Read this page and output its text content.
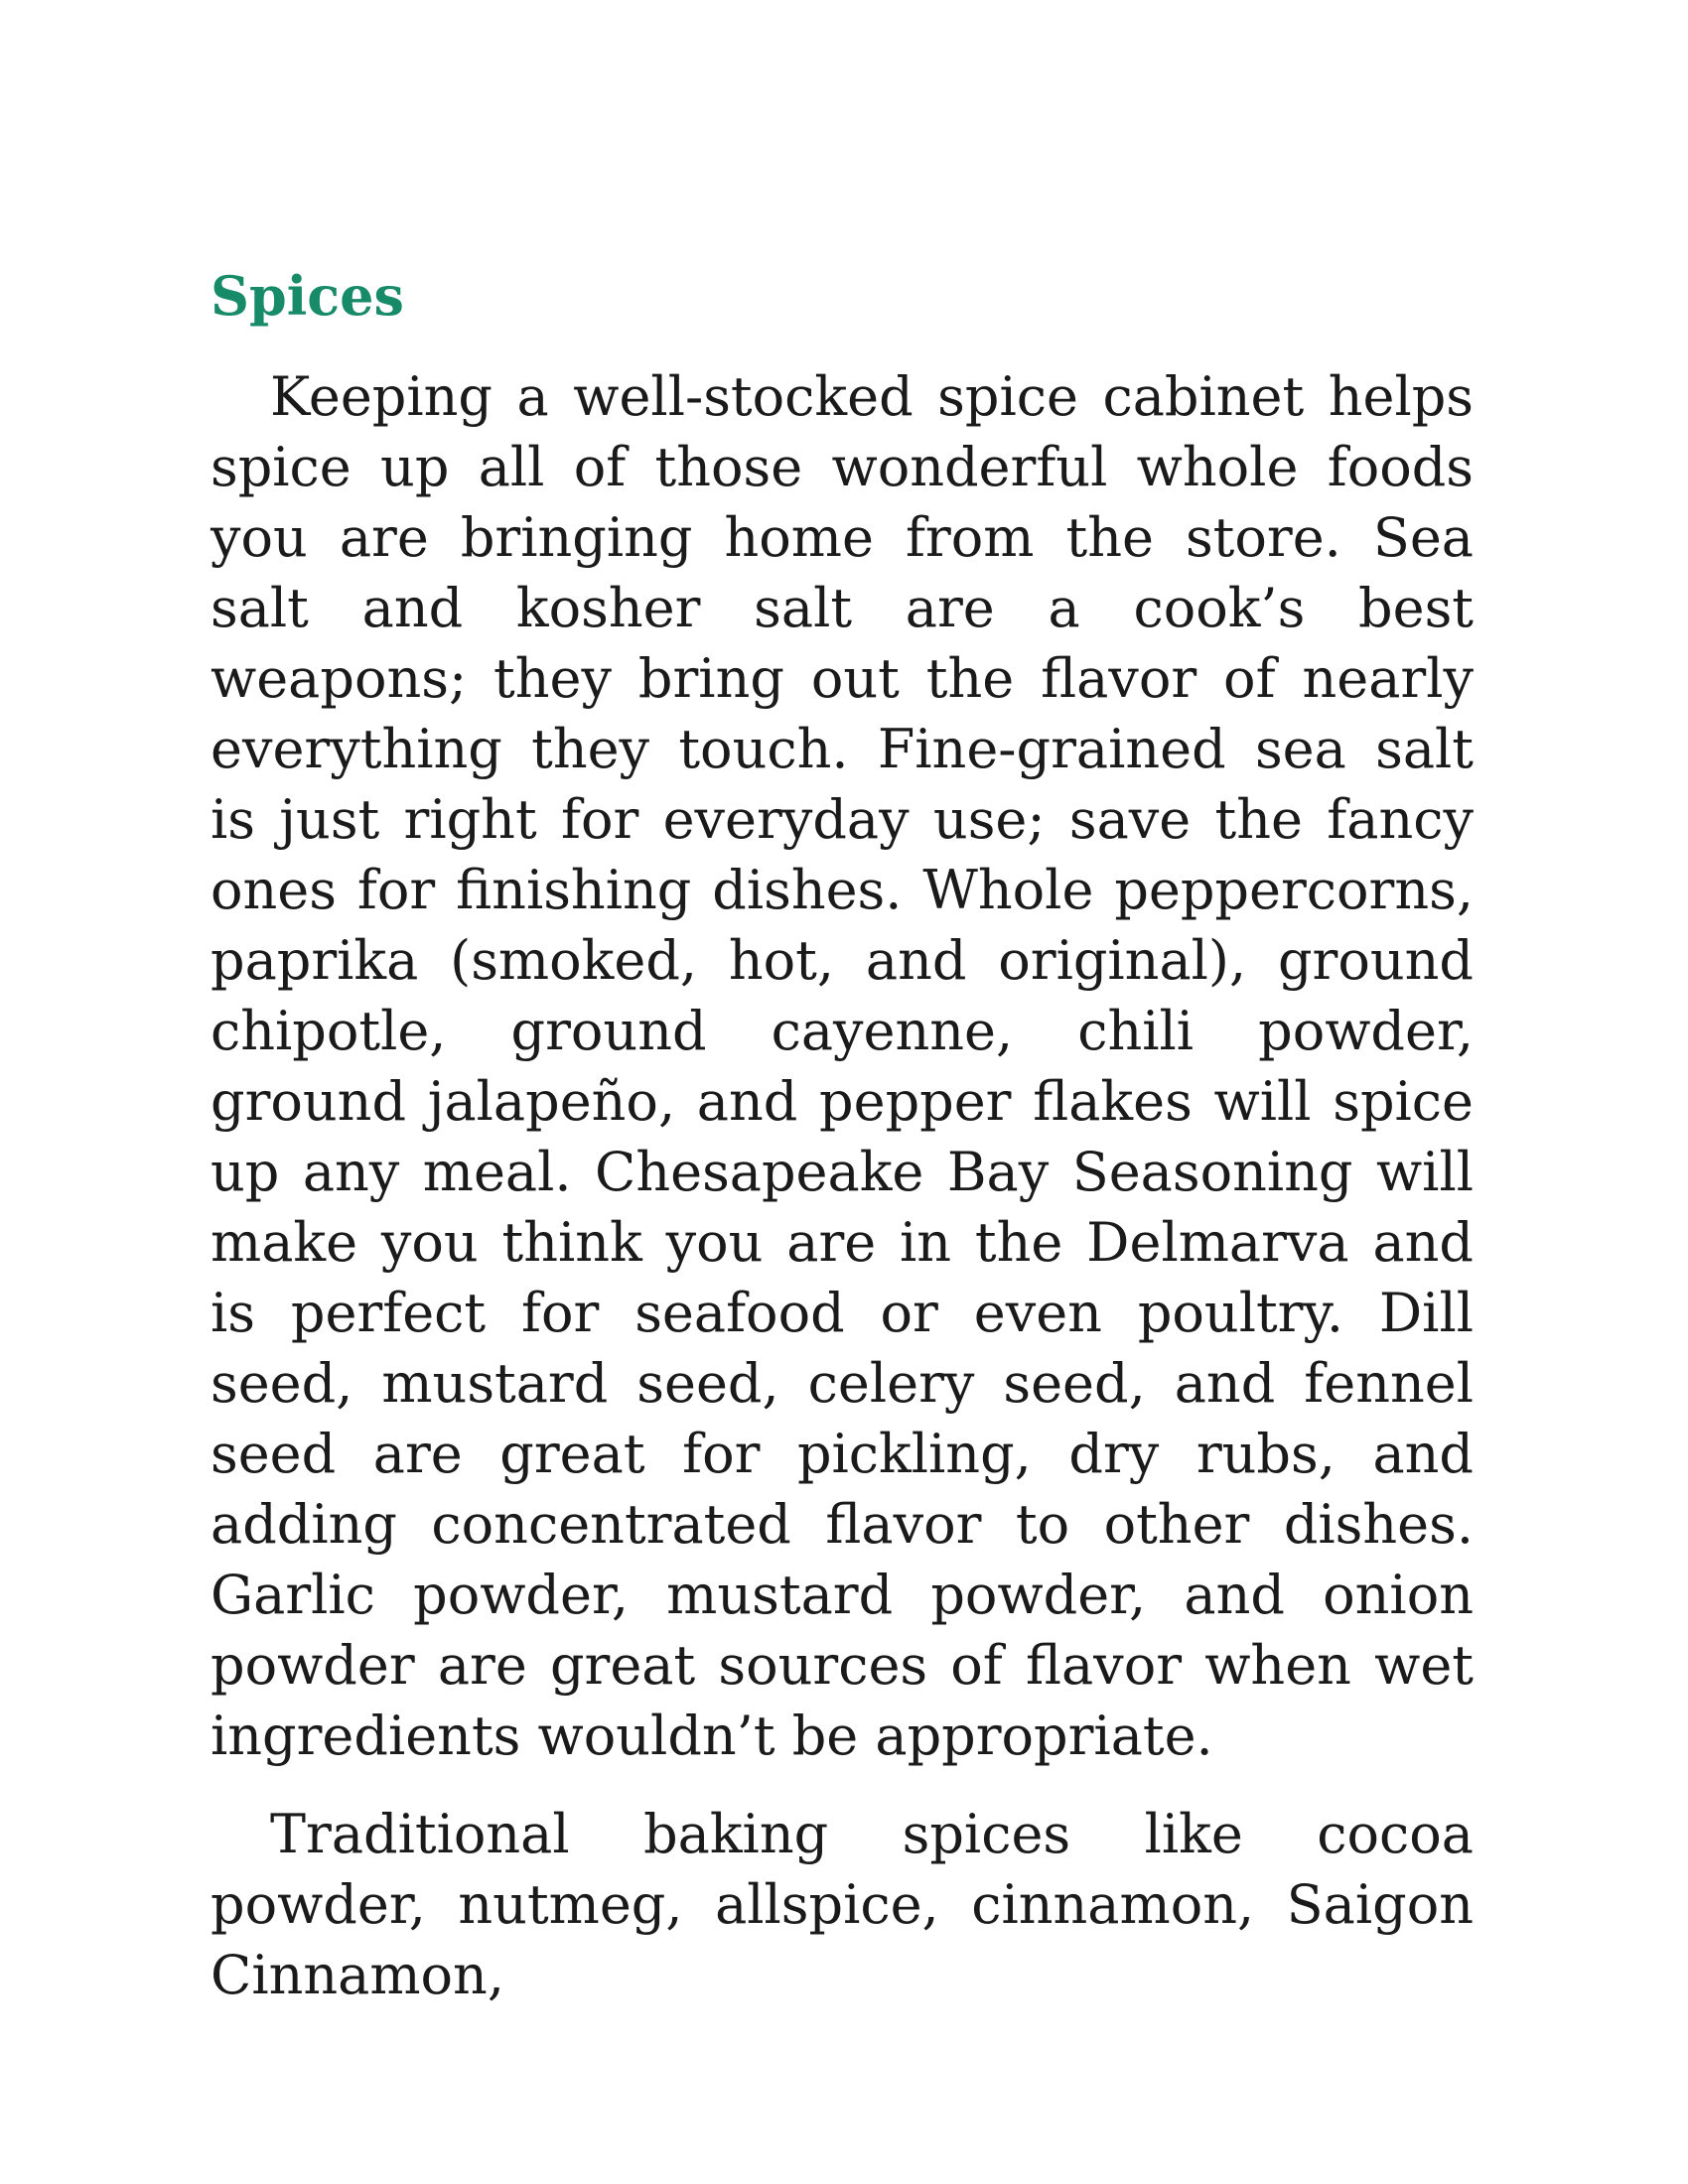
Spices

Keeping a well-stocked spice cabinet helps spice up all of those wonderful whole foods you are bringing home from the store. Sea salt and kosher salt are a cook’s best weapons; they bring out the flavor of nearly everything they touch. Fine-grained sea salt is just right for everyday use; save the fancy ones for finishing dishes. Whole peppercorns, paprika (smoked, hot, and original), ground chipotle, ground cayenne, chili powder, ground jalapeño, and pepper flakes will spice up any meal. Chesapeake Bay Seasoning will make you think you are in the Delmarva and is perfect for seafood or even poultry. Dill seed, mustard seed, celery seed, and fennel seed are great for pickling, dry rubs, and adding concentrated flavor to other dishes. Garlic powder, mustard powder, and onion powder are great sources of flavor when wet ingredients wouldn’t be appropriate.

Traditional baking spices like cocoa powder, nutmeg, allspice, cinnamon, Saigon Cinnamon,
